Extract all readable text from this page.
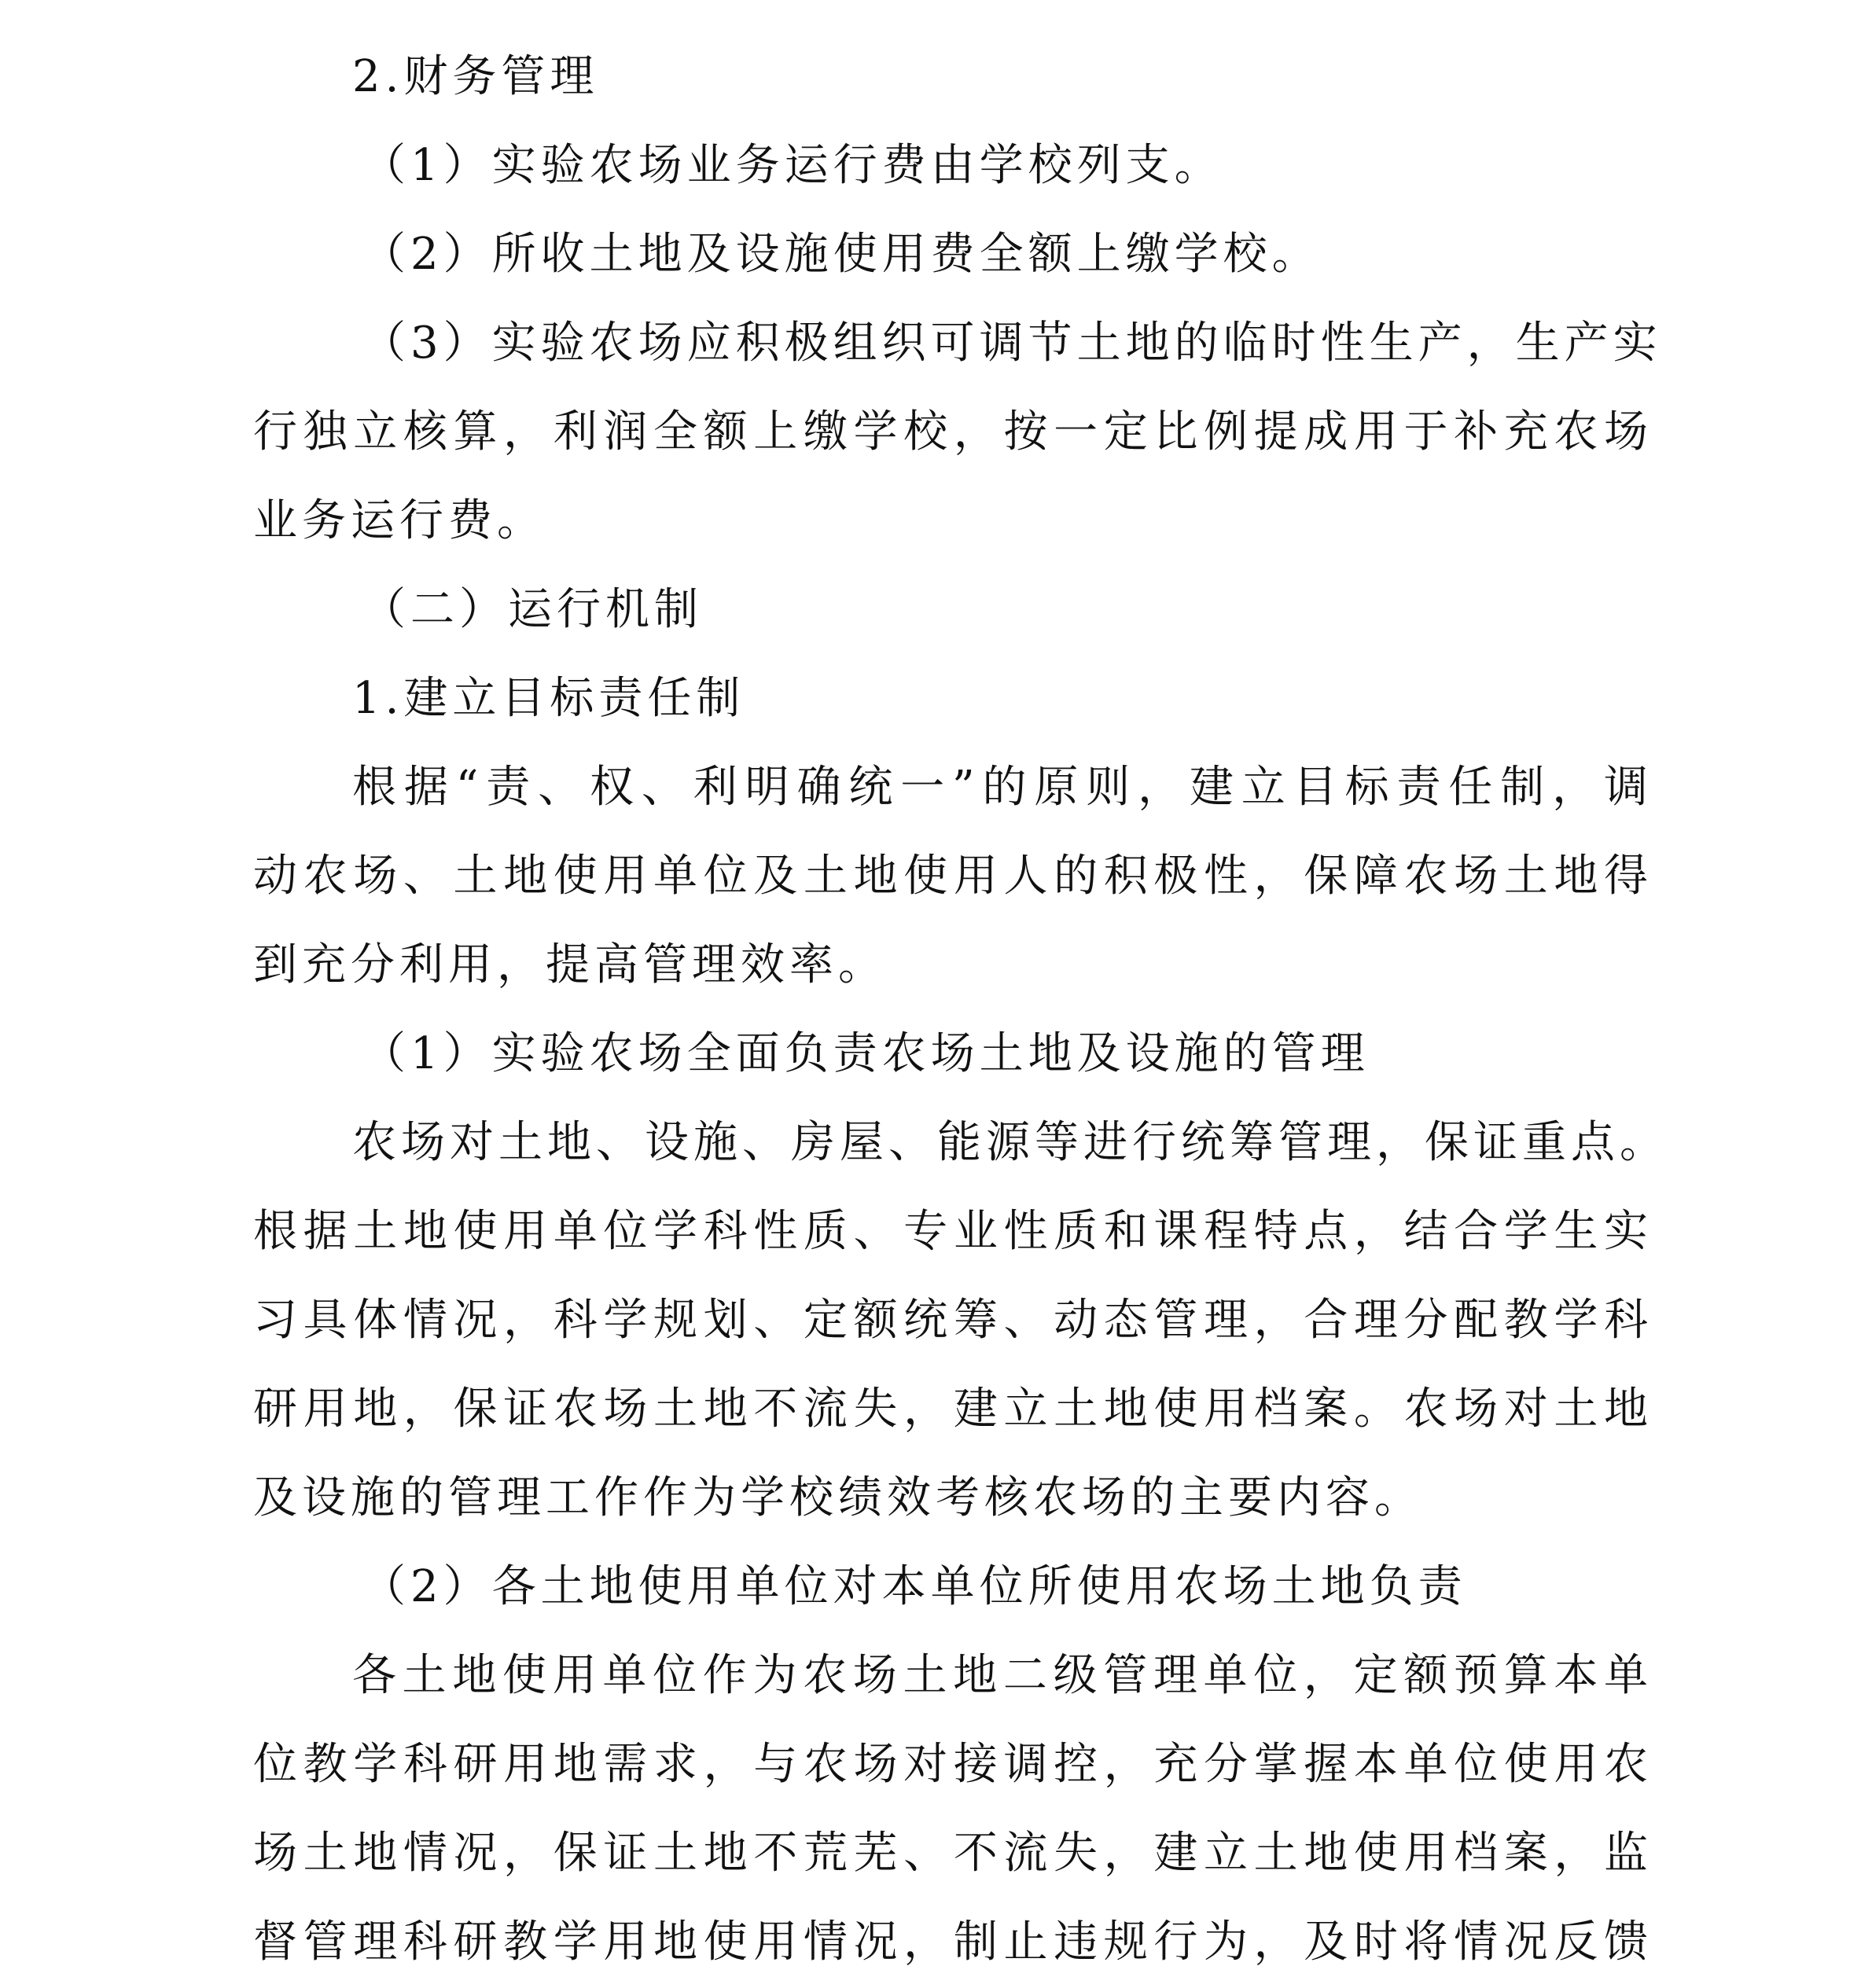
2.财务管理

（1）实验农场业务运行费由学校列支。

（2）所收土地及设施使用费全额上缴学校。

（3）实验农场应积极组织可调节土地的临时性生产，生产实

行独立核算，利润全额上缴学校，按一定比例提成用于补充农场

业务运行费。

（二）运行机制

1.建立目标责任制

根据“责、权、利明确统一”的原则，建立目标责任制，调

动农场、土地使用单位及土地使用人的积极性，保障农场土地得

到充分利用，提高管理效率。

（1）实验农场全面负责农场土地及设施的管理

农场对土地、设施、房屋、能源等进行统筹管理，保证重点。

根据土地使用单位学科性质、专业性质和课程特点，结合学生实

习具体情况，科学规划、定额统筹、动态管理，合理分配教学科

研用地，保证农场土地不流失，建立土地使用档案。农场对土地

及设施的管理工作作为学校绩效考核农场的主要内容。

（2）各土地使用单位对本单位所使用农场土地负责

各土地使用单位作为农场土地二级管理单位，定额预算本单

位教学科研用地需求，与农场对接调控，充分掌握本单位使用农

场土地情况，保证土地不荒芜、不流失，建立土地使用档案，监

督管理科研教学用地使用情况，制止违规行为，及时将情况反馈
